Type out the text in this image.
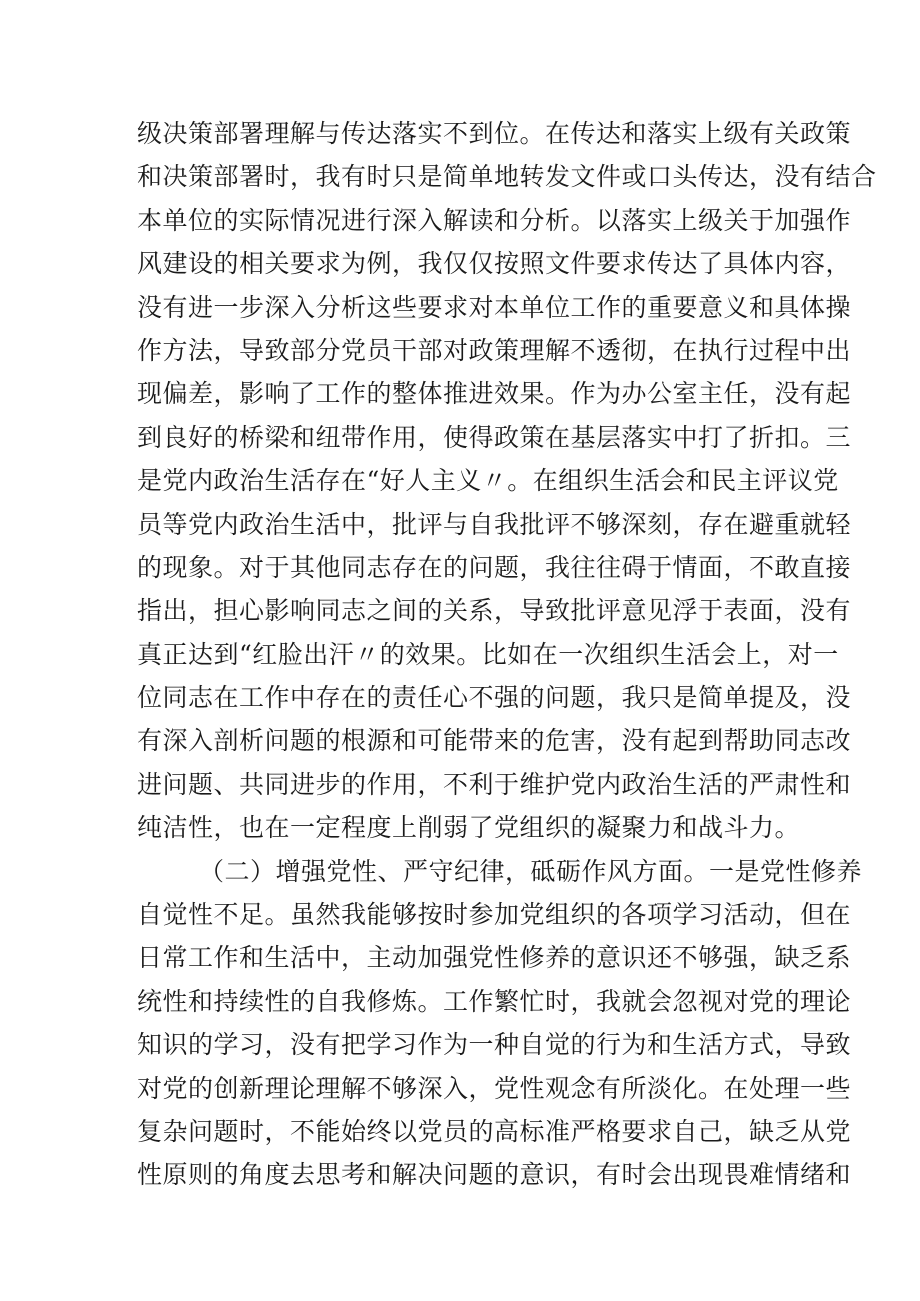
级决策部署理解与传达落实不到位。在传达和落实上级有关政策
和决策部署时，我有时只是简单地转发文件或口头传达，没有结合
本单位的实际情况进行深入解读和分析。以落实上级关于加强作
风建设的相关要求为例，我仅仅按照文件要求传达了具体内容，
没有进一步深入分析这些要求对本单位工作的重要意义和具体操
作方法，导致部分党员干部对政策理解不透彻，在执行过程中出
现偏差，影响了工作的整体推进效果。作为办公室主任，没有起
到良好的桥梁和纽带作用，使得政策在基层落实中打了折扣。三
是党内政治生活存在“好人主义〃。在组织生活会和民主评议党
员等党内政治生活中，批评与自我批评不够深刻，存在避重就轻
的现象。对于其他同志存在的问题，我往往碍于情面，不敢直接
指出，担心影响同志之间的关系，导致批评意见浮于表面，没有
真正达到“红脸出汗〃的效果。比如在一次组织生活会上，对一
位同志在工作中存在的责任心不强的问题，我只是简单提及，没
有深入剖析问题的根源和可能带来的危害，没有起到帮助同志改
进问题、共同进步的作用，不利于维护党内政治生活的严肃性和
纯洁性，也在一定程度上削弱了党组织的凝聚力和战斗力。
（二）增强党性、严守纪律，砥砺作风方面。一是党性修养
自觉性不足。虽然我能够按时参加党组织的各项学习活动，但在
日常工作和生活中，主动加强党性修养的意识还不够强，缺乏系
统性和持续性的自我修炼。工作繁忙时，我就会忽视对党的理论
知识的学习，没有把学习作为一种自觉的行为和生活方式，导致
对党的创新理论理解不够深入，党性观念有所淡化。在处理一些
复杂问题时，不能始终以党员的高标准严格要求自己，缺乏从党
性原则的角度去思考和解决问题的意识，有时会出现畏难情绪和
